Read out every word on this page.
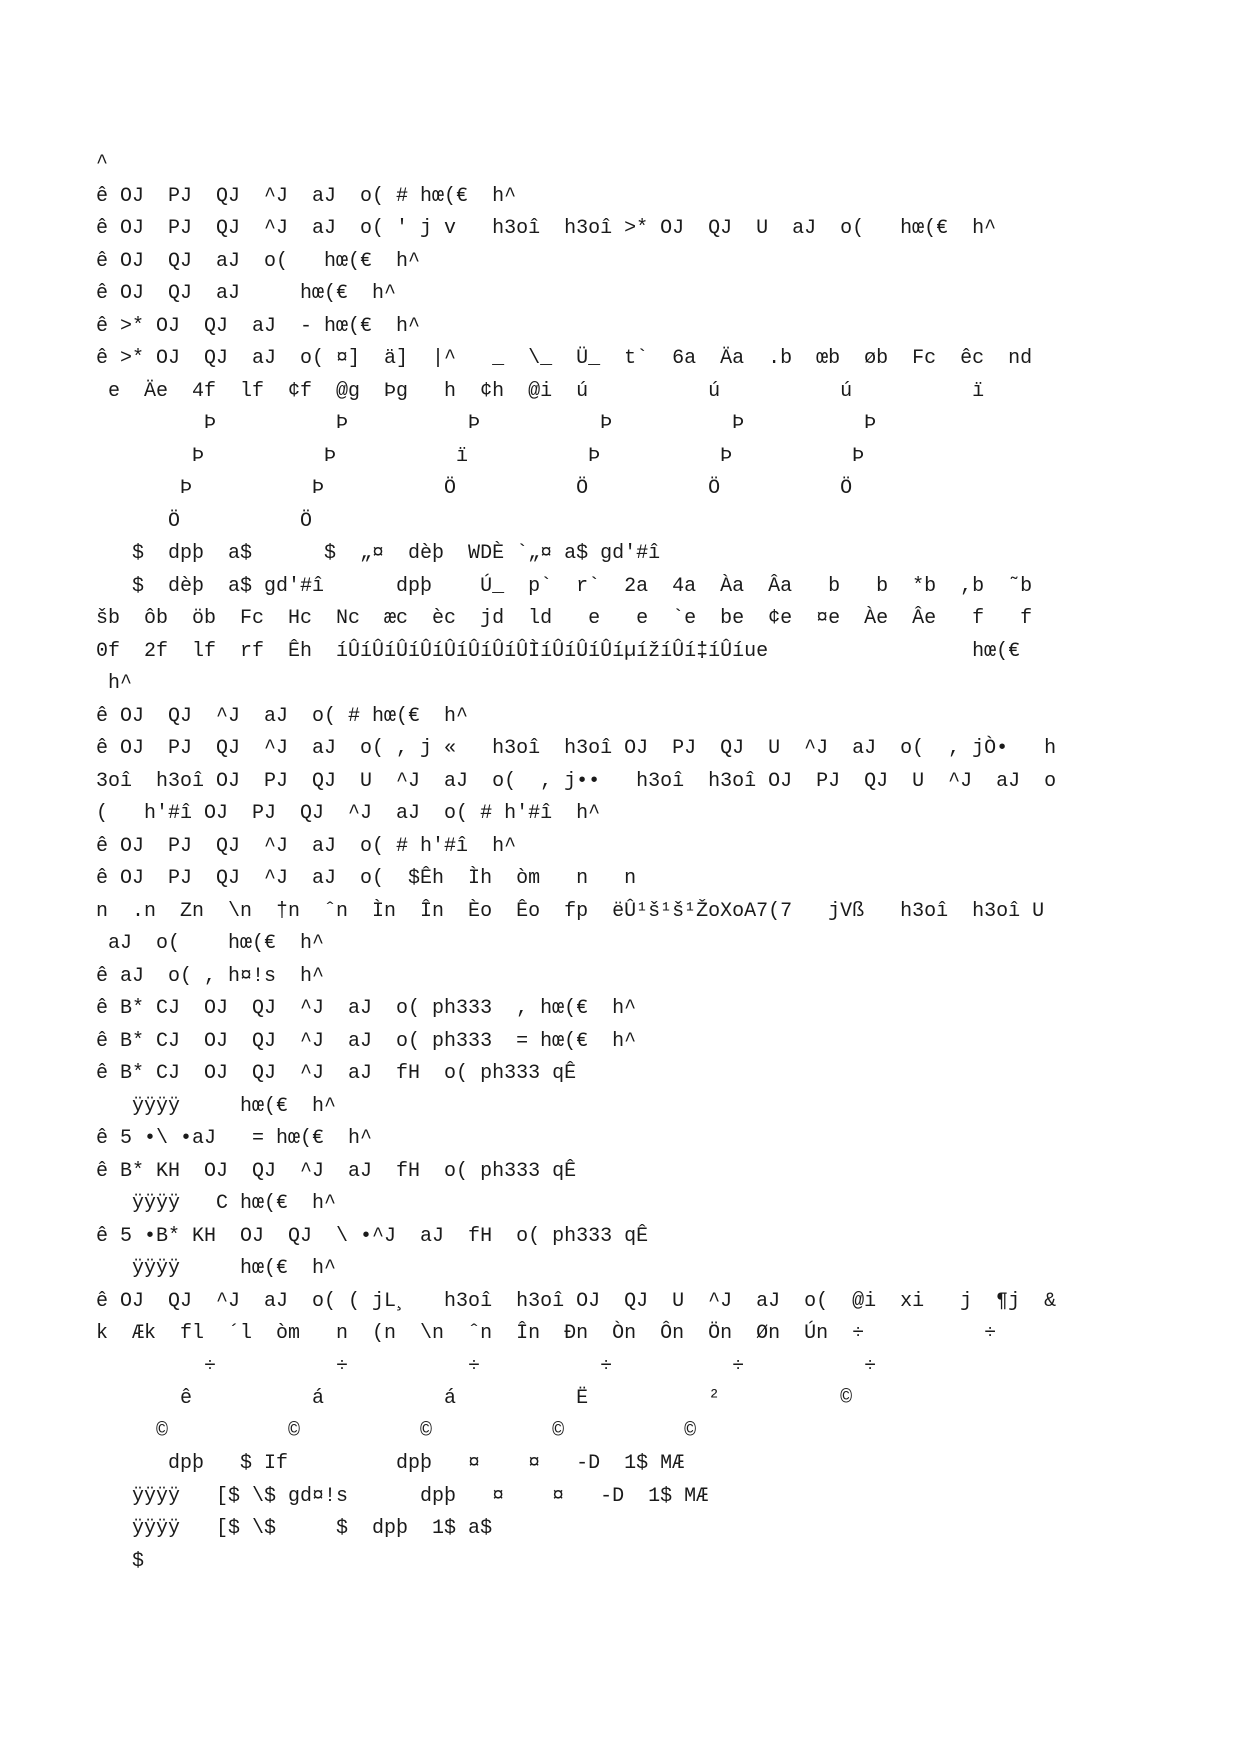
^
ê OJ  PJ  QJ  ^J  aJ  o( # hœ(€  h^
ê OJ  PJ  QJ  ^J  aJ  o( ' j v   h3oî  h3oî >* OJ  QJ  U  aJ  o(   hœ(€  h^
ê OJ  QJ  aJ  o(   hœ(€  h^
ê OJ  QJ  aJ     hœ(€  h^
ê >* OJ  QJ  aJ  - hœ(€  h^
ê >* OJ  QJ  aJ  o( ¤]  ä]  |^   _  \_  Ü_  t`  6a  Äa  .b  œb  øb  Fc  êc  nd
e  Äe  4f  lf  ¢f  @g  Þg   h  ¢h  @i  ú          ú          ú          ï
Þ          Þ          Þ          Þ          Þ          Þ
Þ          Þ          ï          Þ          Þ          Þ
Þ          Þ          Ö          Ö          Ö          Ö
Ö          Ö
$  dpþ  a$      $  „¤  dèþ  WDÈ `„¤ a$ gd'#î
$  dèþ  a$ gd'#î      dpþ    Ú_  p`  r`  2a  4a  Àa  Âa   b   b  *b  ,b  ˜b
šb  ôb  öb  Fc  Hc  Nc  æc  èc  jd  ld   e   e  `e  be  ¢e  ¤e  Àe  Âe   f   f
0f  2f  lf  rf  Êh  íÛíÛíÛíÛíÛíÛíÛíÛÌíÛíÛíÛíµížíÛí‡íÛíue                 hœ(€
h^
ê OJ  QJ  ^J  aJ  o( # hœ(€  h^
ê OJ  PJ  QJ  ^J  aJ  o( , j «   h3oî  h3oî OJ  PJ  QJ  U  ^J  aJ  o(  , jÒ•   h
3oî  h3oî OJ  PJ  QJ  U  ^J  aJ  o(  , j••   h3oî  h3oî OJ  PJ  QJ  U  ^J  aJ  o
(   h'#î OJ  PJ  QJ  ^J  aJ  o( # h'#î  h^
ê OJ  PJ  QJ  ^J  aJ  o( # h'#î  h^
ê OJ  PJ  QJ  ^J  aJ  o(  $Êh  Ìh  òm   n   n
n  .n  Zn  \n  †n  ˆn  Ìn  În  Èo  Êo  fp  ëÛ¹š¹š¹ŽoXoA7(7   jVß   h3oî  h3oî U
aJ  o(    hœ(€  h^
ê aJ  o( , h¤!s  h^
ê B* CJ  OJ  QJ  ^J  aJ  o( ph333  , hœ(€  h^
ê B* CJ  OJ  QJ  ^J  aJ  o( ph333  = hœ(€  h^
ê B* CJ  OJ  QJ  ^J  aJ  fH  o( ph333 qÊ
ÿÿÿÿ     hœ(€  h^
ê 5 •\ •aJ   = hœ(€  h^
ê B* KH  OJ  QJ  ^J  aJ  fH  o( ph333 qÊ
ÿÿÿÿ   C hœ(€  h^
ê 5 •B* KH  OJ  QJ  \ •^J  aJ  fH  o( ph333 qÊ
ÿÿÿÿ     hœ(€  h^
ê OJ  QJ  ^J  aJ  o( ( jL¸   h3oî  h3oî OJ  QJ  U  ^J  aJ  o(  @i  xi   j  ¶j  &
k  Æk  fl  ´l  òm   n  (n  \n  ˆn  În  Ðn  Òn  Ôn  Ön  Øn  Ún  ÷          ÷
÷          ÷          ÷          ÷          ÷          ÷
ê          á          á          Ë          ²          ©
©          ©          ©          ©          ©
dpþ   $ If         dpþ   ¤    ¤   -D  1$ MÆ
ÿÿÿÿ   [$ \$ gd¤!s      dpþ   ¤    ¤   -D  1$ MÆ
ÿÿÿÿ   [$ \$     $  dpþ  1$ a$
$
